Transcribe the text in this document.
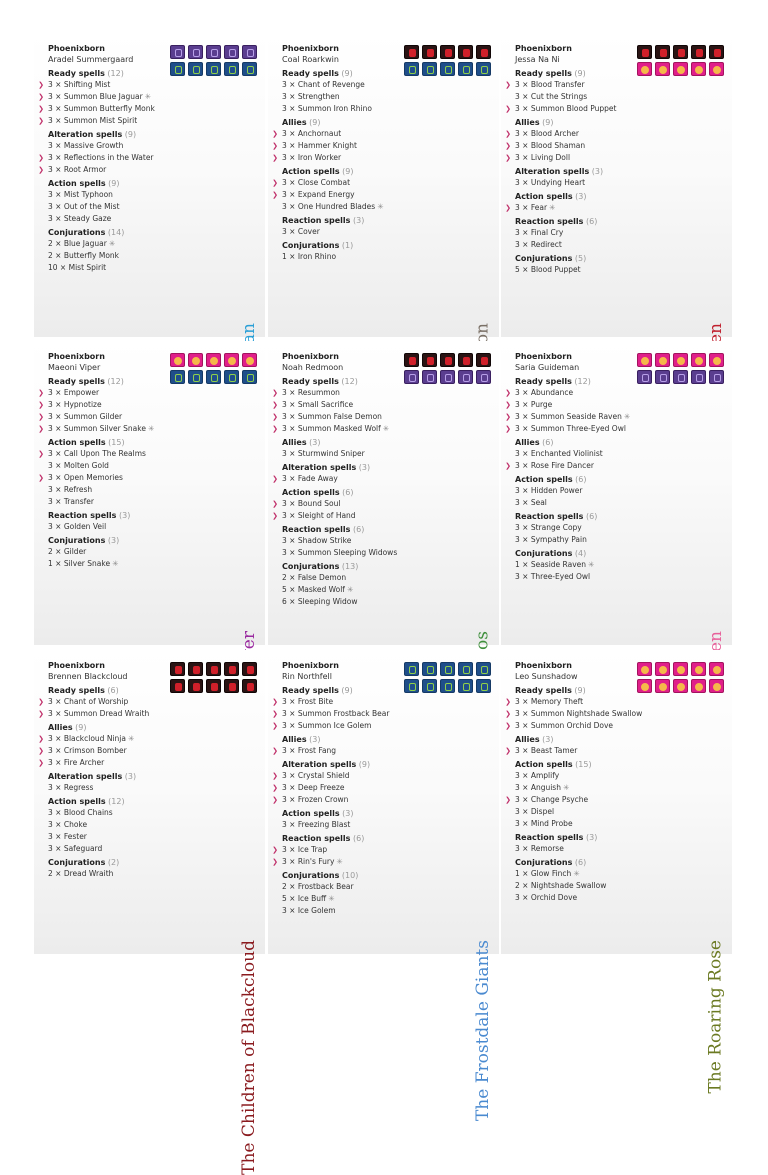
Phoenixborn
Aradel Summergaard
Ready spells (12)
❯ 3 × Shifting Mist
❯ 3 × Summon Blue Jaguar ✳
❯ 3 × Summon Butterfly Monk
❯ 3 × Summon Mist Spirit
Alteration spells (9)
3 × Massive Growth
❯ 3 × Reflections in the Water
❯ 3 × Root Armor
Action spells (9)
3 × Mist Typhoon
3 × Out of the Mist
3 × Steady Gaze
Conjurations (14)
2 × Blue Jaguar ✳
2 × Butterfly Monk
10 × Mist Spirit
Phoenixborn
Coal Roarkwin
Ready spells (9)
3 × Chant of Revenge
3 × Strengthen
3 × Summon Iron Rhino
Allies (9)
❯ 3 × Anchornaut
❯ 3 × Hammer Knight
❯ 3 × Iron Worker
Action spells (9)
❯ 3 × Close Combat
❯ 3 × Expand Energy
3 × One Hundred Blades ✳
Reaction spells (3)
3 × Cover
Conjurations (1)
1 × Iron Rhino
Phoenixborn
Jessa Na Ni
Ready spells (9)
❯ 3 × Blood Transfer
3 × Cut the Strings
❯ 3 × Summon Blood Puppet
Allies (9)
❯ 3 × Blood Archer
❯ 3 × Blood Shaman
❯ 3 × Living Doll
Alteration spells (3)
3 × Undying Heart
Action spells (3)
❯ 3 × Fear ✳
Reaction spells (6)
3 × Final Cry
3 × Redirect
Conjurations (5)
5 × Blood Puppet
Phoenixborn
Maeoni Viper
Ready spells (12)
❯ 3 × Empower
❯ 3 × Hypnotize
❯ 3 × Summon Gilder
❯ 3 × Summon Silver Snake ✳
Action spells (15)
❯ 3 × Call Upon The Realms
3 × Molten Gold
❯ 3 × Open Memories
3 × Refresh
3 × Transfer
Reaction spells (3)
3 × Golden Veil
Conjurations (3)
2 × Gilder
1 × Silver Snake ✳
Phoenixborn
Noah Redmoon
Ready spells (12)
❯ 3 × Resummon
❯ 3 × Small Sacrifice
❯ 3 × Summon False Demon
❯ 3 × Summon Masked Wolf ✳
Allies (3)
3 × Sturmwind Sniper
Alteration spells (3)
❯ 3 × Fade Away
Action spells (6)
❯ 3 × Bound Soul
❯ 3 × Sleight of Hand
Reaction spells (6)
3 × Shadow Strike
3 × Summon Sleeping Widows
Conjurations (13)
2 × False Demon
5 × Masked Wolf ✳
6 × Sleeping Widow
Phoenixborn
Saria Guideman
Ready spells (12)
❯ 3 × Abundance
❯ 3 × Purge
❯ 3 × Summon Seaside Raven ✳
❯ 3 × Summon Three-Eyed Owl
Allies (6)
3 × Enchanted Violinist
❯ 3 × Rose Fire Dancer
Action spells (6)
3 × Hidden Power
3 × Seal
Reaction spells (6)
3 × Strange Copy
3 × Sympathy Pain
Conjurations (4)
1 × Seaside Raven ✳
3 × Three-Eyed Owl
Phoenixborn
Brennen Blackcloud
Ready spells (6)
❯ 3 × Chant of Worship
❯ 3 × Summon Dread Wraith
Allies (9)
❯ 3 × Blackcloud Ninja ✳
❯ 3 × Crimson Bomber
❯ 3 × Fire Archer
Alteration spells (3)
3 × Regress
Action spells (12)
3 × Blood Chains
3 × Choke
3 × Fester
3 × Safeguard
Conjurations (2)
2 × Dread Wraith
The Children of Blackcloud
Phoenixborn
Rin Northfell
Ready spells (9)
❯ 3 × Frost Bite
❯ 3 × Summon Frostback Bear
❯ 3 × Summon Ice Golem
Allies (3)
❯ 3 × Frost Fang
Alteration spells (9)
❯ 3 × Crystal Shield
❯ 3 × Deep Freeze
❯ 3 × Frozen Crown
Action spells (3)
3 × Freezing Blast
Reaction spells (6)
❯ 3 × Ice Trap
❯ 3 × Rin's Fury ✳
Conjurations (10)
2 × Frostback Bear
5 × Ice Buff ✳
3 × Ice Golem
The Frostdale Giants
Phoenixborn
Leo Sunshadow
Ready spells (9)
❯ 3 × Memory Theft
❯ 3 × Summon Nightshade Swallow
❯ 3 × Summon Orchid Dove
Allies (3)
❯ 3 × Beast Tamer
Action spells (15)
3 × Amplify
3 × Anguish ✳
❯ 3 × Change Psyche
3 × Dispel
3 × Mind Probe
Reaction spells (3)
3 × Remorse
Conjurations (6)
1 × Glow Finch ✳
2 × Nightshade Swallow
3 × Orchid Dove
The Roaring Rose
